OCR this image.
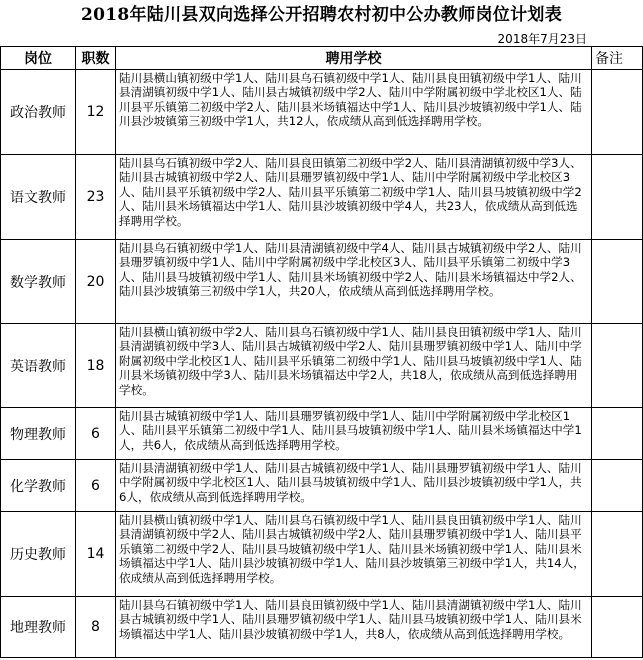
2018年陆川县双向选择公开招聘农村初中公办教师岗位计划表
2018年7月23日
岗位	职数	聘用学校	备注
政治教师	12	陆川县横山镇初级中学1人、陆川县乌石镇初级中学1人、陆川县良田镇初级中学1人、陆川县清湖镇初级中学1人、陆川县古城镇初级中学2人、陆川中学附属初级中学北校区1人、陆川县平乐镇第二初级中学2人、陆川县米场镇福达中学1人、陆川县沙坡镇初级中学1人、陆川县沙坡镇第三初级中学1人，共12人，依成绩从高到低选择聘用学校。	
语文教师	23	陆川县乌石镇初级中学2人、陆川县良田镇第二初级中学2人、陆川县清湖镇初级中学3人、陆川县古城镇初级中学2人、陆川县珊罗镇初级中学1人、陆川中学附属初级中学北校区3人、陆川县平乐镇初级中学2人、陆川县平乐镇第二初级中学1人、陆川县马坡镇初级中学2人、陆川县米场镇福达中学1人、陆川县沙坡镇初级中学4人，共23人，依成绩从高到低选择聘用学校。	
数学教师	20	陆川县乌石镇初级中学1人、陆川县清湖镇初级中学4人、陆川县古城镇初级中学2人、陆川县珊罗镇初级中学1人、陆川中学附属初级中学北校区3人、陆川县平乐镇第二初级中学3人、陆川县马坡镇初级中学1人、陆川县米场镇初级中学2人、陆川县米场镇福达中学2人、陆川县沙坡镇第三初级中学1人，共20人，依成绩从高到低选择聘用学校。	
英语教师	18	陆川县横山镇初级中学2人、陆川县乌石镇初级中学1人、陆川县良田镇初级中学1人、陆川县清湖镇初级中学3人、陆川县古城镇初级中学2人、陆川县珊罗镇初级中学1人、陆川中学附属初级中学北校区1人、陆川县平乐镇第二初级中学1人、陆川县马坡镇初级中学1人、陆川县米场镇初级中学3人、陆川县米场镇福达中学2人，共18人，依成绩从高到低选择聘用学校。	
物理教师	6	陆川县古城镇初级中学1人、陆川县珊罗镇初级中学1人、陆川中学附属初级中学北校区1人、陆川县平乐镇第二初级中学1人、陆川县马坡镇初级中学1人、陆川县米场镇福达中学1人，共6人，依成绩从高到低选择聘用学校。	
化学教师	6	陆川县清湖镇初级中学1人、陆川县古城镇初级中学1人、陆川县珊罗镇初级中学1人、陆川中学附属初级中学北校区1人、陆川县马坡镇初级中学1人、陆川县沙坡镇初级中学1人，共6人，依成绩从高到低选择聘用学校。	
历史教师	14	陆川县横山镇初级中学1人、陆川县乌石镇初级中学1人、陆川县良田镇初级中学1人、陆川县清湖镇初级中学2人、陆川县古城镇初级中学2人、陆川县珊罗镇初级中学1人、陆川县平乐镇第二初级中学2人、陆川县马坡镇初级中学1人、陆川县米场镇初级中学1人、陆川县米场镇福达中学1人、陆川县沙坡镇初级中学1人、陆川县沙坡镇第三初级中学1人，共14人，依成绩从高到低选择聘用学校。	
地理教师	8	陆川县乌石镇初级中学1人、陆川县良田镇初级中学1人、陆川县清湖镇初级中学1人、陆川县古城镇初级中学1人、陆川县珊罗镇初级中学1人、陆川县马坡镇初级中学1人、陆川县米场镇福达中学1人、陆川县沙坡镇初级中学1人，共8人，依成绩从高到低选择聘用学校。	
